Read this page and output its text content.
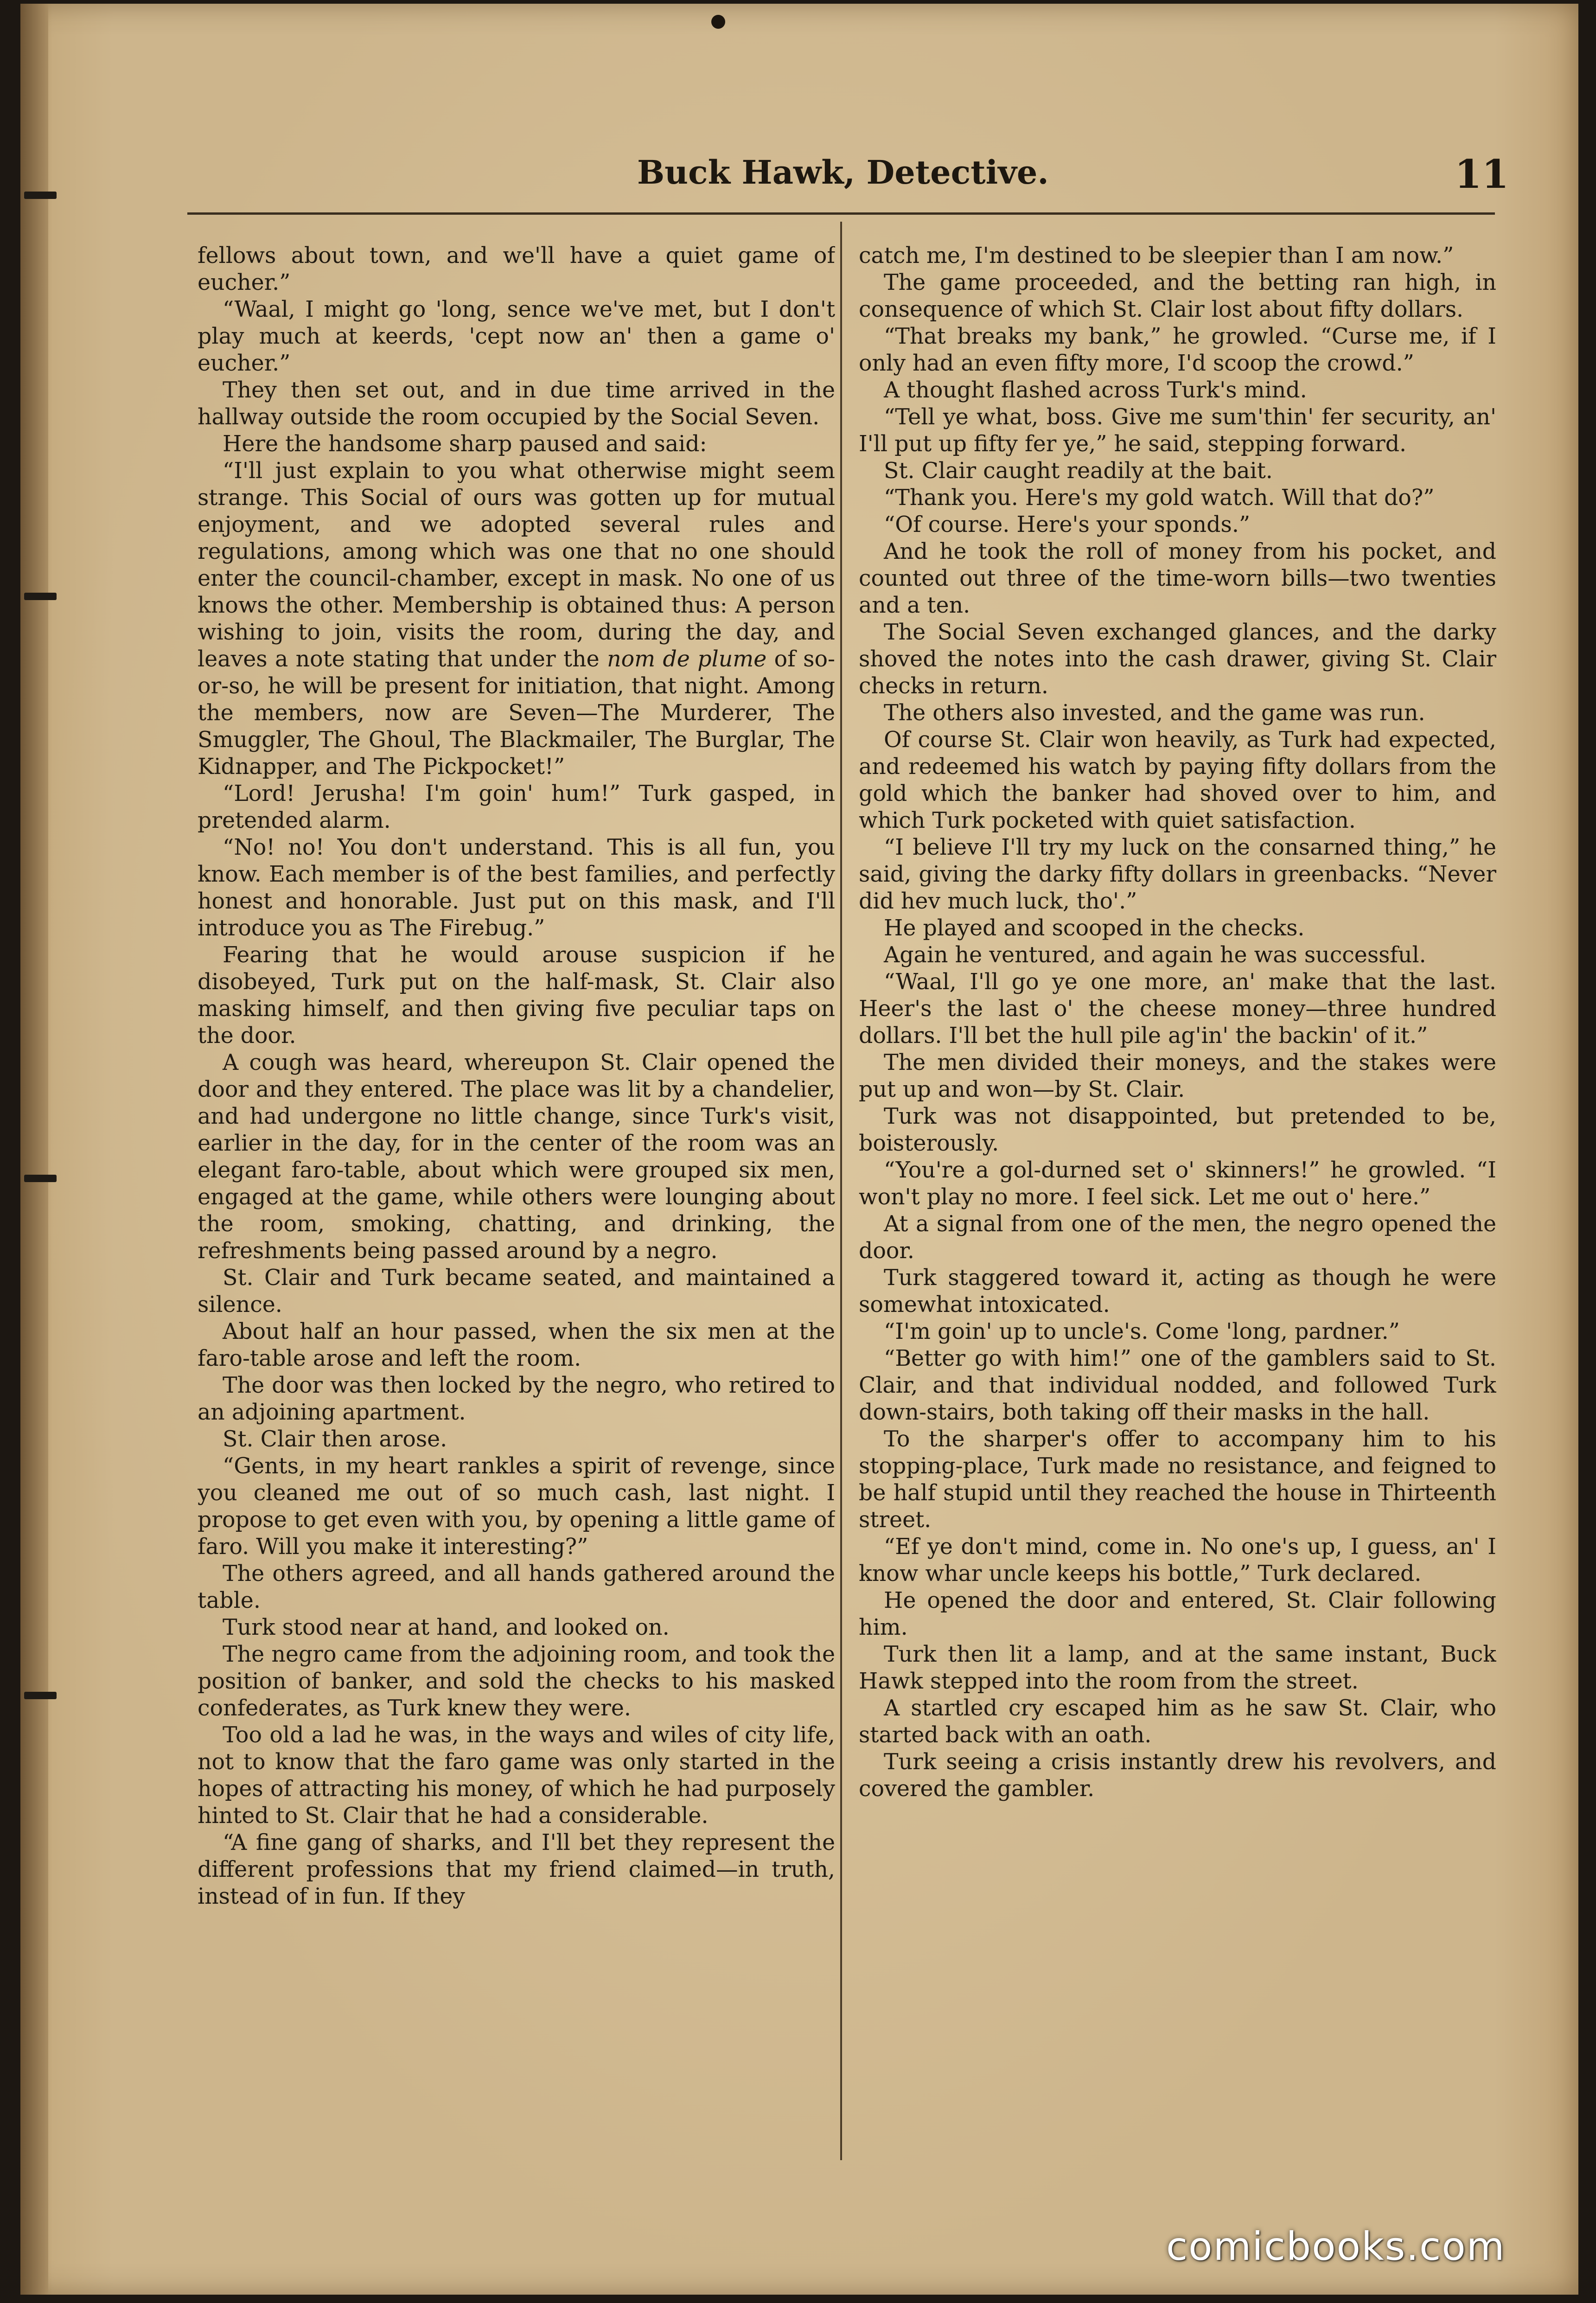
Buck Hawk, Detective.	11

fellows about town, and we'll have a quiet game of eucher.”

“Waal, I might go 'long, sence we've met, but I don't play much at keerds, 'cept now an' then a game o' eucher.”

They then set out, and in due time arrived in the hallway outside the room occupied by the Social Seven.

Here the handsome sharp paused and said:

“I'll just explain to you what otherwise might seem strange. This Social of ours was gotten up for mutual enjoyment, and we adopted several rules and regulations, among which was one that no one should enter the council-chamber, except in mask. No one of us knows the other. Membership is obtained thus: A person wishing to join, visits the room, during the day, and leaves a note stating that under the nom de plume of so-or-so, he will be present for initiation, that night. Among the members, now are Seven—The Murderer, The Smuggler, The Ghoul, The Blackmailer, The Burglar, The Kidnapper, and The Pickpocket!”

“Lord! Jerusha! I'm goin' hum!” Turk gasped, in pretended alarm.

“No! no! You don't understand. This is all fun, you know. Each member is of the best families, and perfectly honest and honorable. Just put on this mask, and I'll introduce you as The Firebug.”

Fearing that he would arouse suspicion if he disobeyed, Turk put on the half-mask, St. Clair also masking himself, and then giving five peculiar taps on the door.

A cough was heard, whereupon St. Clair opened the door and they entered. The place was lit by a chandelier, and had undergone no little change, since Turk's visit, earlier in the day, for in the center of the room was an elegant faro-table, about which were grouped six men, engaged at the game, while others were lounging about the room, smoking, chatting, and drinking, the refreshments being passed around by a negro.

St. Clair and Turk became seated, and maintained a silence.

About half an hour passed, when the six men at the faro-table arose and left the room.

The door was then locked by the negro, who retired to an adjoining apartment.

St. Clair then arose.

“Gents, in my heart rankles a spirit of revenge, since you cleaned me out of so much cash, last night. I propose to get even with you, by opening a little game of faro. Will you make it interesting?”

The others agreed, and all hands gathered around the table.

Turk stood near at hand, and looked on.

The negro came from the adjoining room, and took the position of banker, and sold the checks to his masked confederates, as Turk knew they were.

Too old a lad he was, in the ways and wiles of city life, not to know that the faro game was only started in the hopes of attracting his money, of which he had purposely hinted to St. Clair that he had a considerable.

“A fine gang of sharks, and I'll bet they represent the different professions that my friend claimed—in truth, instead of in fun. If they

catch me, I'm destined to be sleepier than I am now.”

The game proceeded, and the betting ran high, in consequence of which St. Clair lost about fifty dollars.

“That breaks my bank,” he growled. “Curse me, if I only had an even fifty more, I'd scoop the crowd.”

A thought flashed across Turk's mind.

“Tell ye what, boss. Give me sum'thin' fer security, an' I'll put up fifty fer ye,” he said, stepping forward.

St. Clair caught readily at the bait.

“Thank you. Here's my gold watch. Will that do?”

“Of course. Here's your sponds.”

And he took the roll of money from his pocket, and counted out three of the time-worn bills—two twenties and a ten.

The Social Seven exchanged glances, and the darky shoved the notes into the cash drawer, giving St. Clair checks in return.

The others also invested, and the game was run.

Of course St. Clair won heavily, as Turk had expected, and redeemed his watch by paying fifty dollars from the gold which the banker had shoved over to him, and which Turk pocketed with quiet satisfaction.

“I believe I'll try my luck on the consarned thing,” he said, giving the darky fifty dollars in greenbacks. “Never did hev much luck, tho'.”

He played and scooped in the checks.

Again he ventured, and again he was successful.

“Waal, I'll go ye one more, an' make that the last. Heer's the last o' the cheese money—three hundred dollars. I'll bet the hull pile ag'in' the backin' of it.”

The men divided their moneys, and the stakes were put up and won—by St. Clair.

Turk was not disappointed, but pretended to be, boisterously.

“You're a gol-durned set o' skinners!” he growled. “I won't play no more. I feel sick. Let me out o' here.”

At a signal from one of the men, the negro opened the door.

Turk staggered toward it, acting as though he were somewhat intoxicated.

“I'm goin' up to uncle's. Come 'long, pardner.”

“Better go with him!” one of the gamblers said to St. Clair, and that individual nodded, and followed Turk down-stairs, both taking off their masks in the hall.

To the sharper's offer to accompany him to his stopping-place, Turk made no resistance, and feigned to be half stupid until they reached the house in Thirteenth street.

“Ef ye don't mind, come in. No one's up, I guess, an' I know whar uncle keeps his bottle,” Turk declared.

He opened the door and entered, St. Clair following him.

Turk then lit a lamp, and at the same instant, Buck Hawk stepped into the room from the street.

A startled cry escaped him as he saw St. Clair, who started back with an oath.

Turk seeing a crisis instantly drew his revolvers, and covered the gambler.

comicbooks.com
